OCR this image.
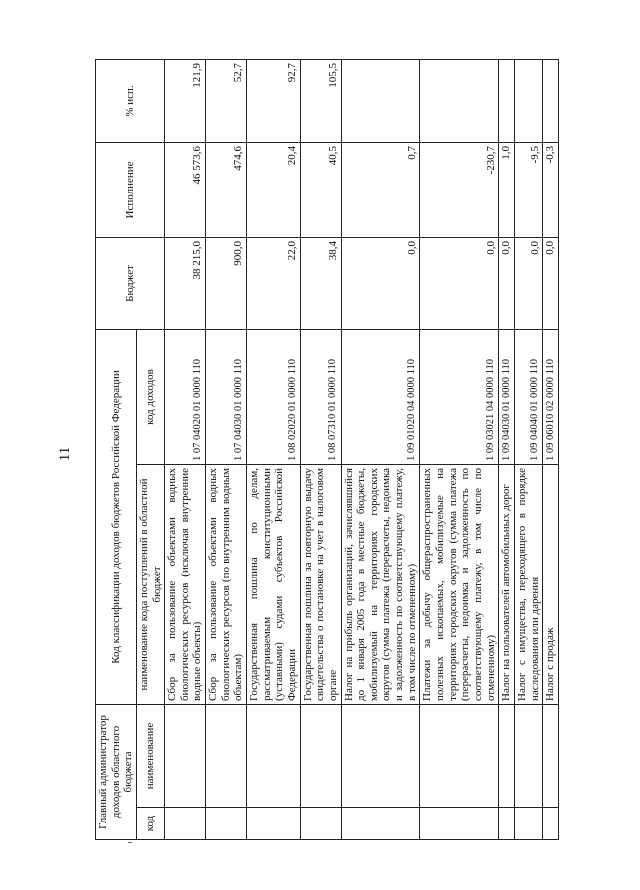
11
Главный администратор доходов областного бюджета		Код классификации доходов бюджетов Российской Федерации		Бюджет	Исполнение	% исп.
код	наименование	наименование кода поступлений в областной бюджет	код доходов			
		Сбор за пользование объектами водных биологических ресурсов (исключая внутренние водные объекты)	1 07 04020 01 0000 110	38 215,0	46 573,6	121,9
		Сбор за пользование объектами водных биологических ресурсов (по внутренним водным объектам)	1 07 04030 01 0000 110	900,0	474,6	52,7
		Государственная пошлина по делам, рассматриваемым конституционными (уставными) судами субъектов Российской Федерации	1 08 02020 01 0000 110	22,0	20,4	92,7
		Государственная пошлина за повторную выдачу свидетельства о постановке на учет в налоговом органе	1 08 07310 01 0000 110	38,4	40,5	105,5
		Налог на прибыль организаций, зачислявшийся до 1 января 2005 года в местные бюджеты, мобилизуемый на территориях городских округов (сумма платежа (перерасчеты, недоимка и задолженность по соответствующему платежу, в том числе по отмененному)	1 09 01020 04 0000 110	0,0	0,7	
		Платежи за добычу общераспространенных полезных ископаемых, мобилизуемые на территориях городских округов (сумма платежа (перерасчеты, недоимка и задолженность по соответствующему платежу, в том числе по отмененному)	1 09 03021 04 0000 110	0,0	-230,7	
		Налог на пользователей автомобильных дорог	1 09 04030 01 0000 110	0,0	1,0	
		Налог с имущества, переходящего в порядке наследования или дарения	1 09 04040 01 0000 110	0,0	-9,5	
		Налог с продаж	1 09 06010 02 0000 110	0,0	-0,3	
